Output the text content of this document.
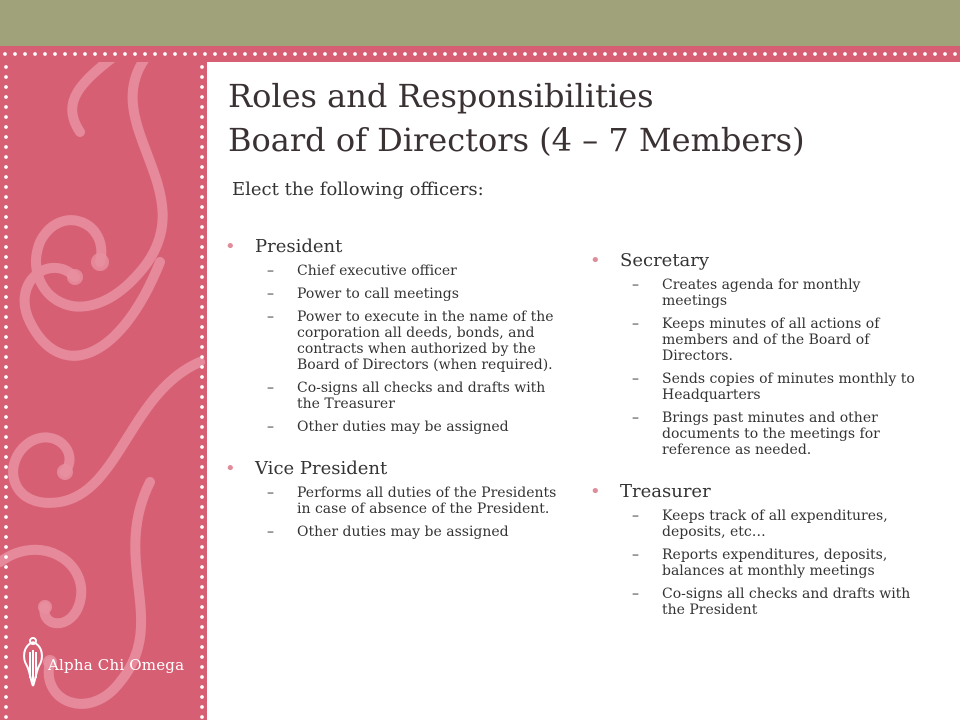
Alpha Chi Omega
Roles and Responsibilities
Board of Directors (4 – 7 Members)
Elect the following officers:
• President
– Chief executive officer
– Power to call meetings
– Power to execute in the name of the corporation all deeds, bonds, and contracts when authorized by the Board of Directors (when required).
– Co-signs all checks and drafts with the Treasurer
– Other duties may be assigned
• Vice President
– Performs all duties of the Presidents in case of absence of the President.
– Other duties may be assigned
• Secretary
– Creates agenda for monthly meetings
– Keeps minutes of all actions of members and of the Board of Directors.
– Sends copies of minutes monthly to Headquarters
– Brings past minutes and other documents to the meetings for reference as needed.
• Treasurer
– Keeps track of all expenditures, deposits, etc…
– Reports expenditures, deposits, balances at monthly meetings
– Co-signs all checks and drafts with the President
